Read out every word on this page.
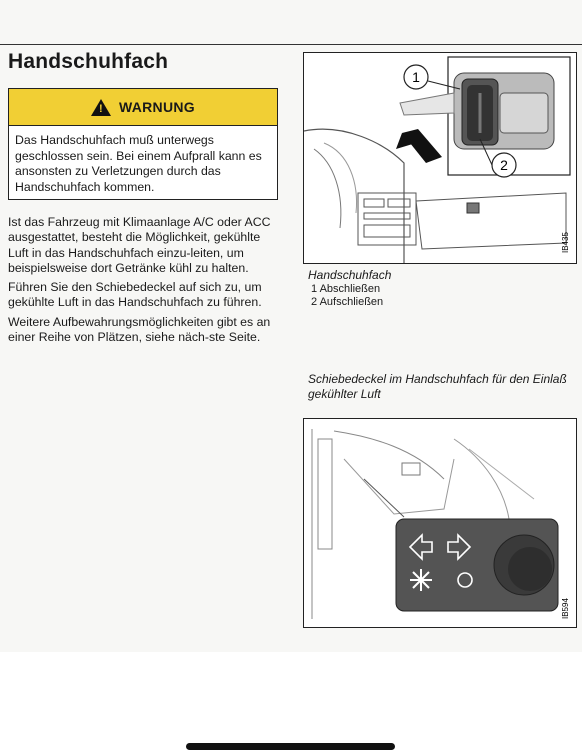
Handschuhfach
! WARNUNG
Das Handschuhfach muß unterwegs geschlossen sein. Bei einem Aufprall kann es ansonsten zu Verletzungen durch das Handschuhfach kommen.

Ist das Fahrzeug mit Klimaanlage A/C oder ACC ausgestattet, besteht die Möglichkeit, gekühlte Luft in das Handschuhfach einzu-leiten, um beispielsweise dort Getränke kühl zu halten.

Führen Sie den Schiebedeckel auf sich zu, um gekühlte Luft in das Handschuhfach zu führen.

Weitere Aufbewahrungsmöglichkeiten gibt es an einer Reihe von Plätzen, siehe näch-ste Seite.

1
2
IB435
Handschuhfach
1 Abschließen
2 Aufschließen
Schiebedeckel im Handschuhfach für den Einlaß gekühlter Luft
IB594
